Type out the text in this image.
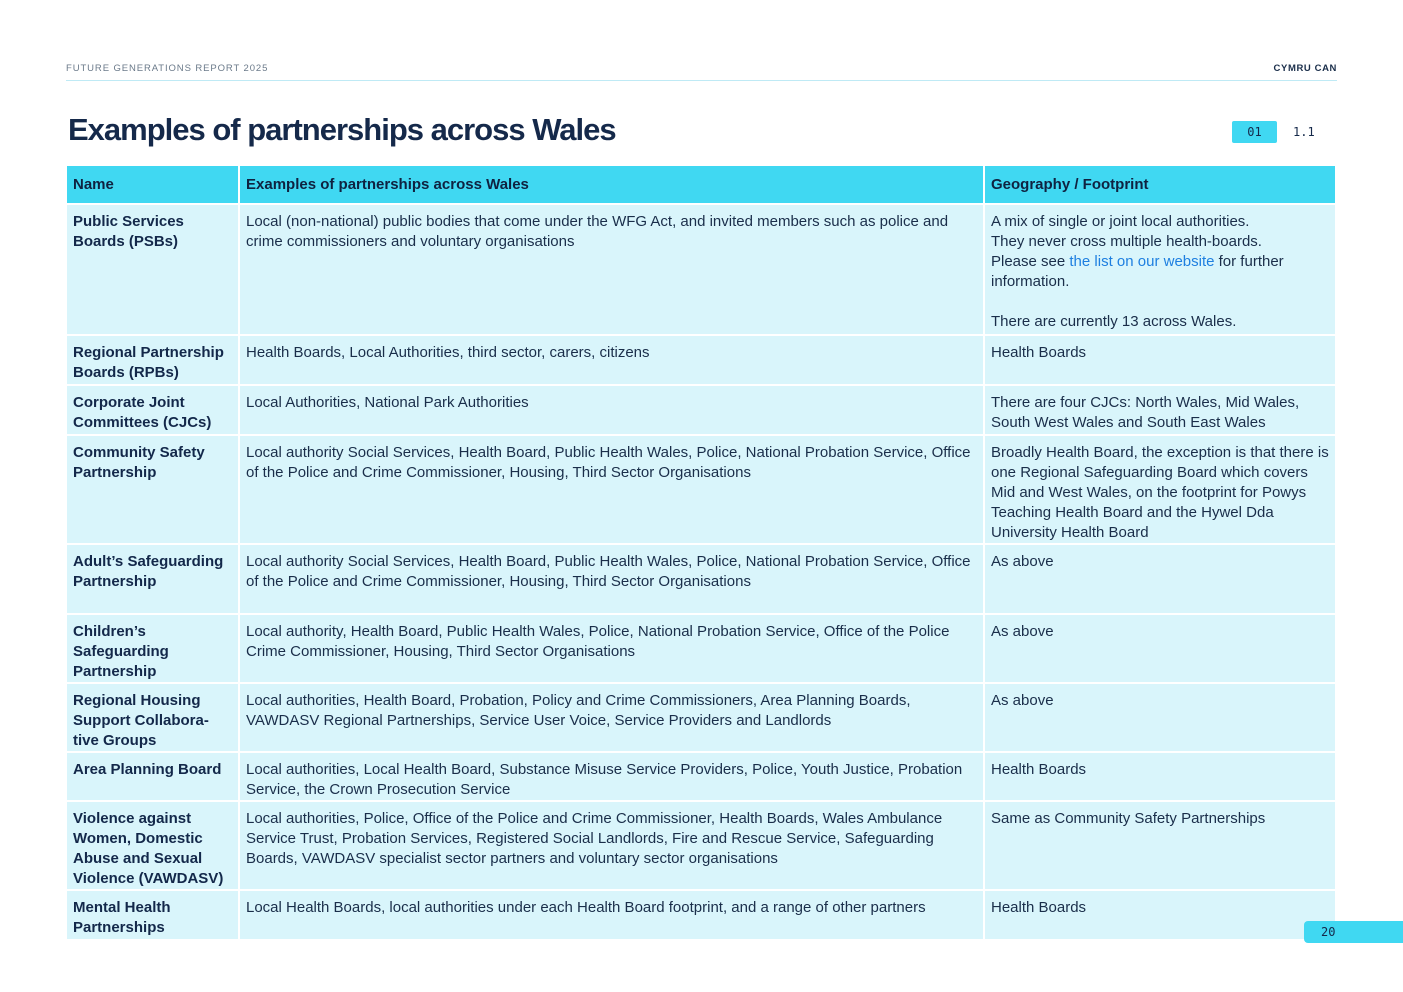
FUTURE GENERATIONS REPORT 2025	CYMRU CAN
Examples of partnerships across Wales	01	1.1
Name	Examples of partnerships across Wales	Geography / Footprint
Public Services Boards (PSBs)	Local (non-national) public bodies that come under the WFG Act, and invited members such as police and crime commissioners and voluntary organisations	A mix of single or joint local authorities.
They never cross multiple health-boards.
Please see the list on our website for further information.

There are currently 13 across Wales.
Regional Partnership Boards (RPBs)	Health Boards, Local Authorities, third sector, carers, citizens	Health Boards
Corporate Joint Committees (CJCs)	Local Authorities, National Park Authorities	There are four CJCs: North Wales, Mid Wales, South West Wales and South East Wales
Community Safety Partnership	Local authority Social Services, Health Board, Public Health Wales, Police, National Probation Service, Office of the Police and Crime Commissioner, Housing, Third Sector Organisations	Broadly Health Board, the exception is that there is one Regional Safeguarding Board which covers Mid and West Wales, on the footprint for Powys Teaching Health Board and the Hywel Dda University Health Board
Adult’s Safeguarding Partnership	Local authority Social Services, Health Board, Public Health Wales, Police, National Probation Service, Office of the Police and Crime Commissioner, Housing, Third Sector Organisations	As above
Children’s Safeguarding Partnership	Local authority, Health Board, Public Health Wales, Police, National Probation Service, Office of the Police Crime Commissioner, Housing, Third Sector Organisations	As above
Regional Housing Support Collabora-tive Groups	Local authorities, Health Board, Probation, Policy and Crime Commissioners, Area Planning Boards, VAWDASV Regional Partnerships, Service User Voice, Service Providers and Landlords	As above
Area Planning Board	Local authorities, Local Health Board, Substance Misuse Service Providers, Police, Youth Justice, Probation Service, the Crown Prosecution Service	Health Boards
Violence against Women, Domestic Abuse and Sexual Violence (VAWDASV)	Local authorities, Police, Office of the Police and Crime Commissioner, Health Boards, Wales Ambulance Service Trust, Probation Services, Registered Social Landlords, Fire and Rescue Service, Safeguarding Boards, VAWDASV specialist sector partners and voluntary sector organisations	Same as Community Safety Partnerships
Mental Health Partnerships	Local Health Boards, local authorities under each Health Board footprint, and a range of other partners	Health Boards
20
